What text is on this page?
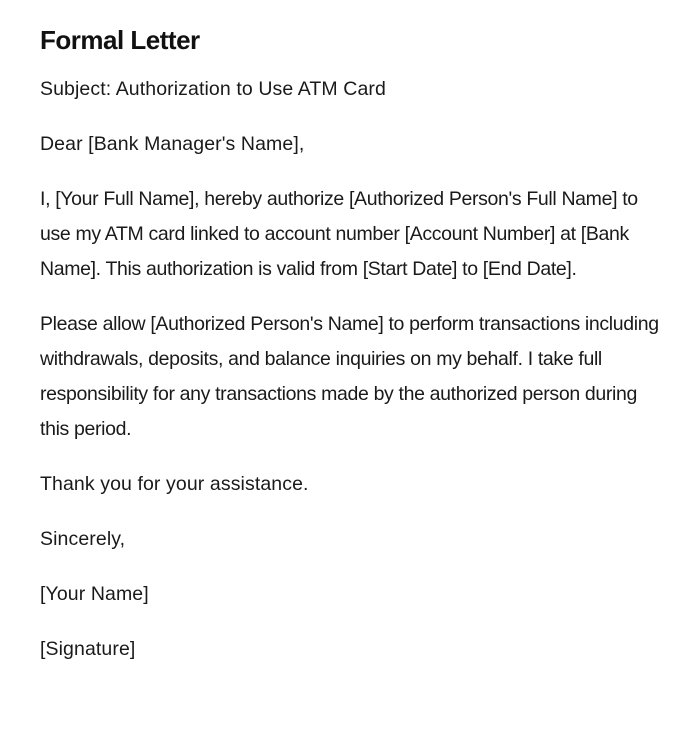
Formal Letter

Subject: Authorization to Use ATM Card

Dear [Bank Manager's Name],

I, [Your Full Name], hereby authorize [Authorized Person's Full Name] to use my ATM card linked to account number [Account Number] at [Bank Name]. This authorization is valid from [Start Date] to [End Date].

Please allow [Authorized Person's Name] to perform transactions including withdrawals, deposits, and balance inquiries on my behalf. I take full responsibility for any transactions made by the authorized person during this period.

Thank you for your assistance.

Sincerely,

[Your Name]

[Signature]
